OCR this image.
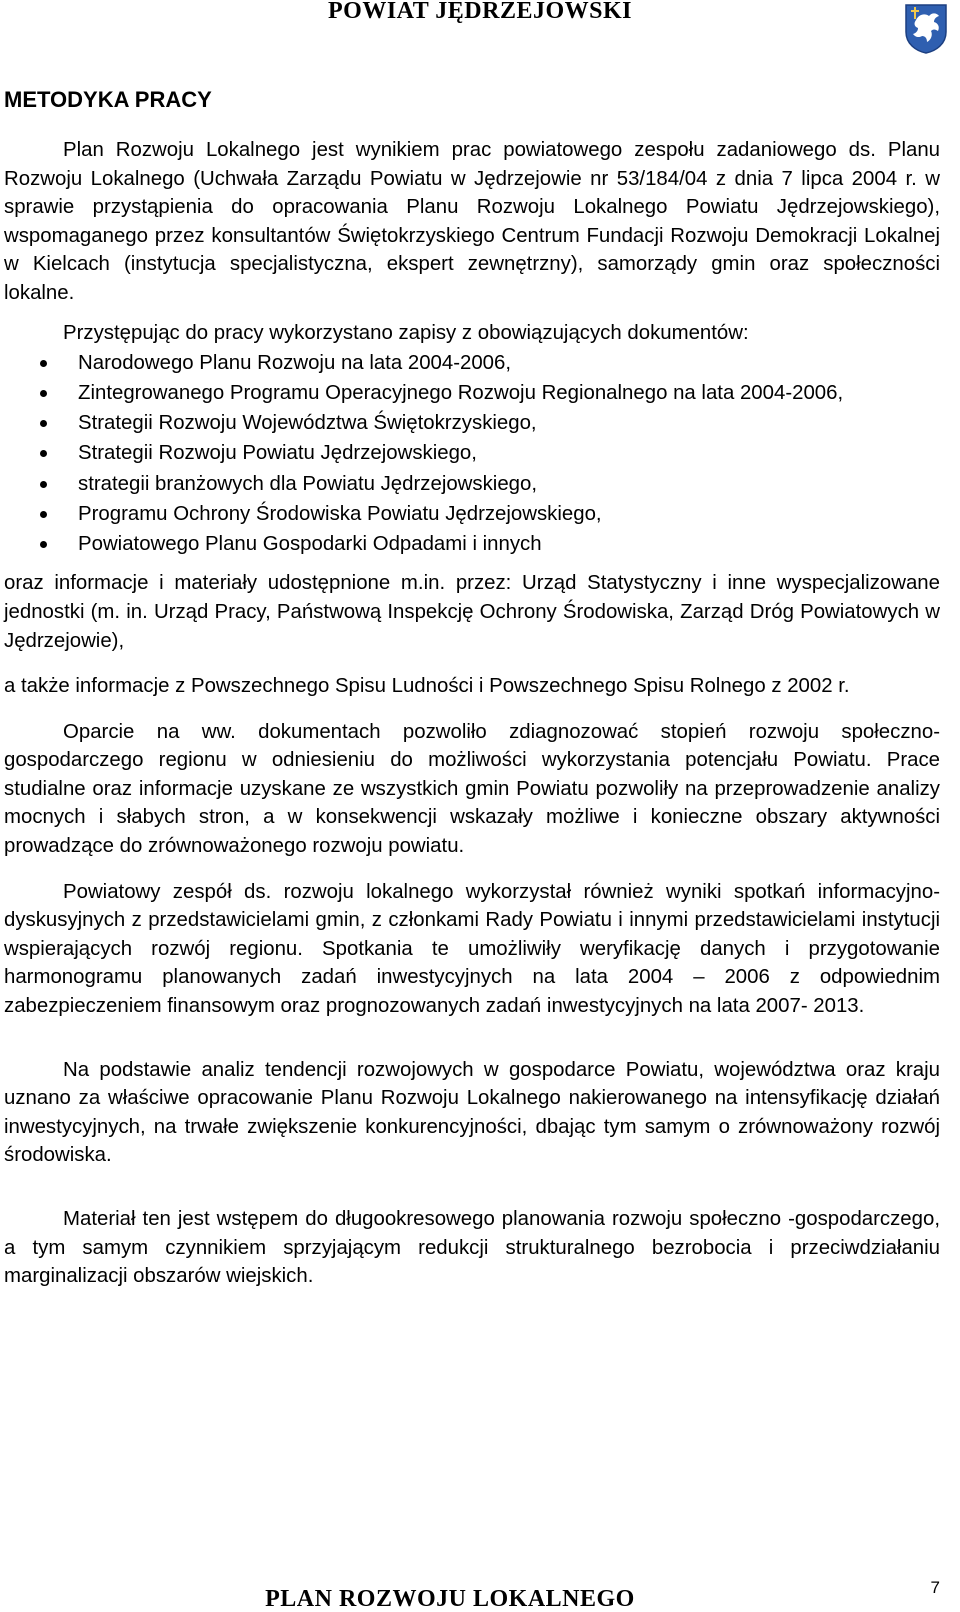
POWIAT JĘDRZEJOWSKI
METODYKA PRACY

Plan Rozwoju Lokalnego jest wynikiem prac powiatowego zespołu zadaniowego ds. Planu Rozwoju Lokalnego (Uchwała Zarządu Powiatu w Jędrzejowie nr 53/184/04 z dnia 7 lipca 2004 r. w sprawie przystąpienia do opracowania Planu Rozwoju Lokalnego Powiatu Jędrzejowskiego), wspomaganego przez konsultantów Świętokrzyskiego Centrum Fundacji Rozwoju Demokracji Lokalnej w Kielcach (instytucja specjalistyczna, ekspert zewnętrzny), samorządy gmin oraz społeczności lokalne.

Przystępując do pracy wykorzystano zapisy z obowiązujących dokumentów:

Narodowego Planu Rozwoju na lata 2004-2006,
Zintegrowanego Programu Operacyjnego Rozwoju Regionalnego na lata 2004-2006,
Strategii Rozwoju Województwa Świętokrzyskiego,
Strategii Rozwoju Powiatu Jędrzejowskiego,
strategii branżowych dla Powiatu Jędrzejowskiego,
Programu Ochrony Środowiska Powiatu Jędrzejowskiego,
Powiatowego Planu Gospodarki Odpadami i innych

oraz informacje i materiały udostępnione m.in. przez: Urząd Statystyczny i inne wyspecjalizowane jednostki (m. in. Urząd Pracy, Państwową Inspekcję Ochrony Środowiska, Zarząd Dróg Powiatowych w Jędrzejowie),

a także informacje z Powszechnego Spisu Ludności i Powszechnego Spisu Rolnego z 2002 r.

Oparcie na ww. dokumentach pozwoliło zdiagnozować stopień rozwoju społeczno-gospodarczego regionu w odniesieniu do możliwości wykorzystania potencjału Powiatu. Prace studialne oraz informacje uzyskane ze wszystkich gmin Powiatu pozwoliły na przeprowadzenie analizy mocnych i słabych stron, a w konsekwencji wskazały możliwe i konieczne obszary aktywności prowadzące do zrównoważonego rozwoju powiatu.

Powiatowy zespół ds. rozwoju lokalnego wykorzystał również wyniki spotkań informacyjno-dyskusyjnych z przedstawicielami gmin, z członkami Rady Powiatu i innymi przedstawicielami instytucji wspierających rozwój regionu. Spotkania te umożliwiły weryfikację danych i przygotowanie harmonogramu planowanych zadań inwestycyjnych na lata 2004 – 2006 z odpowiednim zabezpieczeniem finansowym oraz prognozowanych zadań inwestycyjnych na lata 2007- 2013.

Na podstawie analiz tendencji rozwojowych w gospodarce Powiatu, województwa oraz kraju uznano za właściwe opracowanie Planu Rozwoju Lokalnego nakierowanego na intensyfikację działań inwestycyjnych, na trwałe zwiększenie konkurencyjności, dbając tym samym o zrównoważony rozwój środowiska.

Materiał ten jest wstępem do długookresowego planowania rozwoju społeczno -gospodarczego, a tym samym czynnikiem sprzyjającym redukcji strukturalnego bezrobocia i przeciwdziałaniu marginalizacji obszarów wiejskich.

PLAN ROZWOJU LOKALNEGO	7
